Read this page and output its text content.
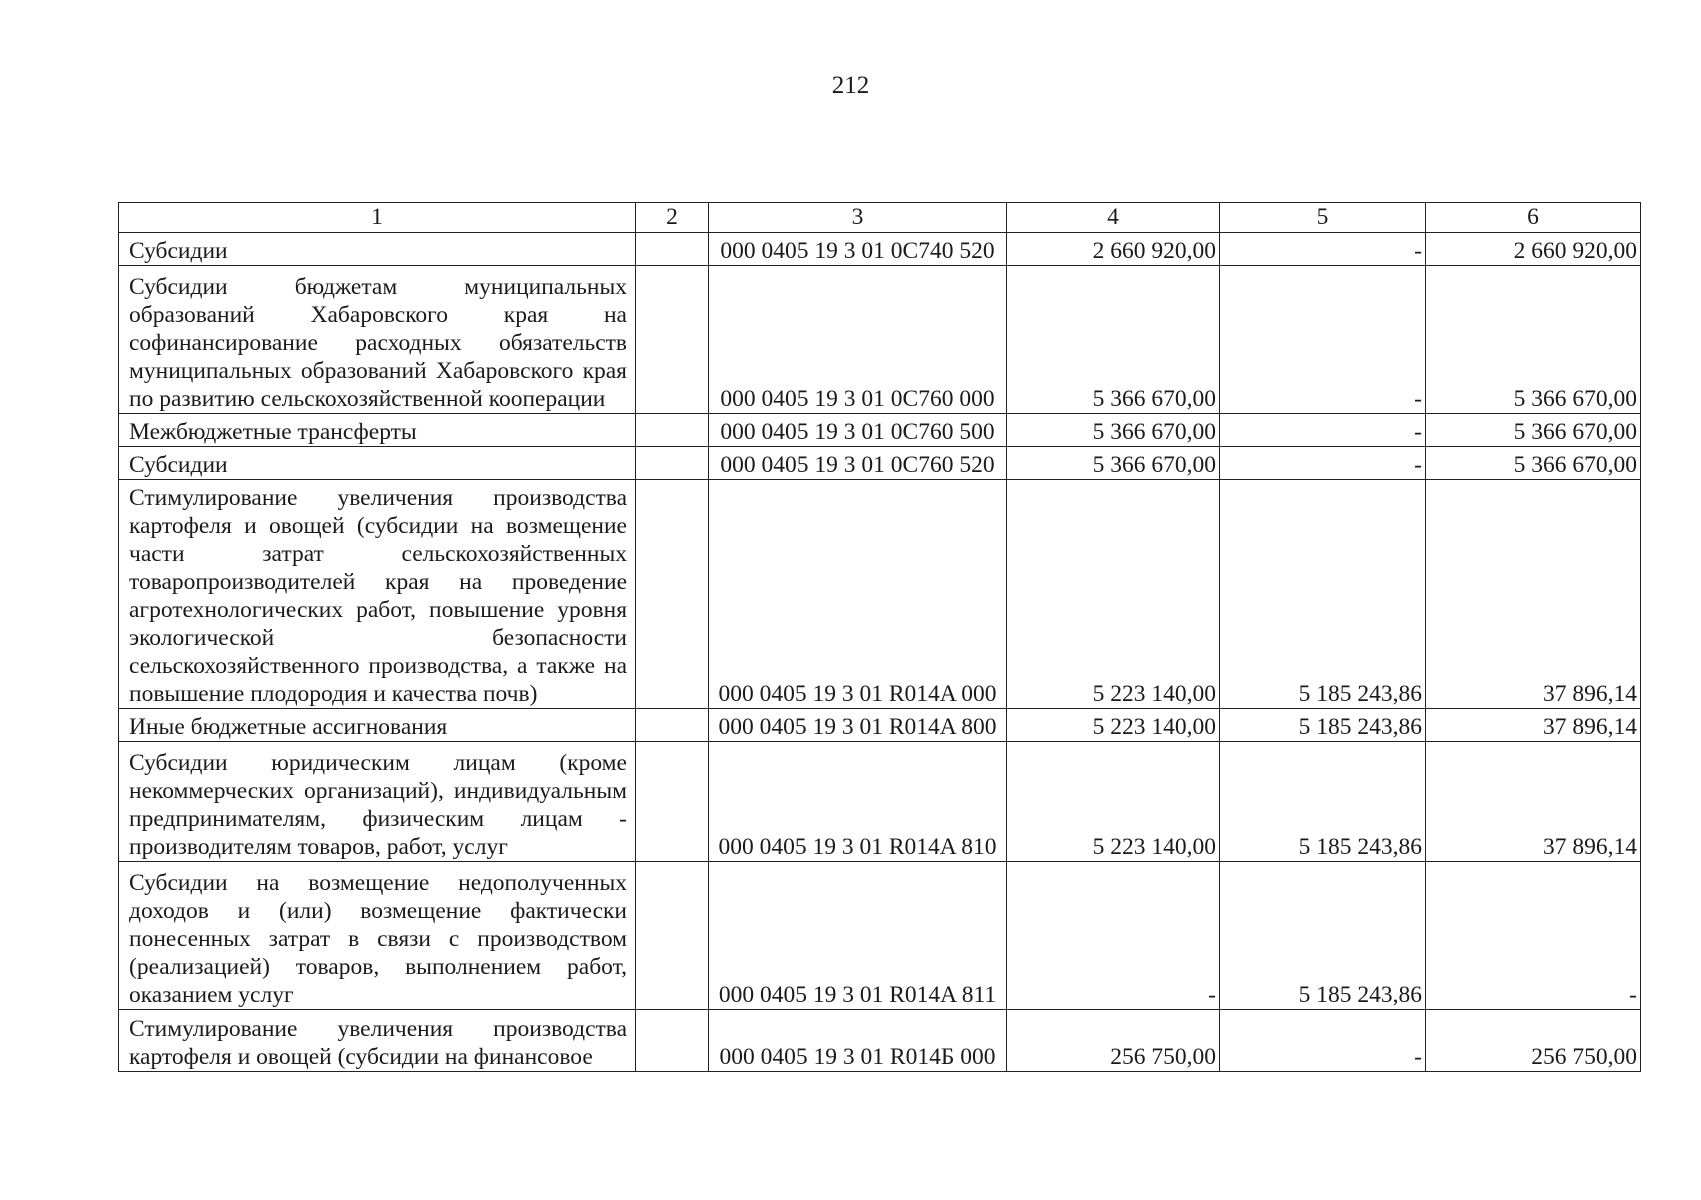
212
1	2	3	4	5	6
Субсидии		000 0405 19 3 01 0C740 520	2 660 920,00	-	2 660 920,00
Субсидии бюджетам муниципальных образований Хабаровского края на софинансирование расходных обязательств муниципальных образований Хабаровского края по развитию сельскохозяйственной кооперации		000 0405 19 3 01 0C760 000	5 366 670,00	-	5 366 670,00
Межбюджетные трансферты		000 0405 19 3 01 0C760 500	5 366 670,00	-	5 366 670,00
Субсидии		000 0405 19 3 01 0C760 520	5 366 670,00	-	5 366 670,00
Стимулирование увеличения производства картофеля и овощей (субсидии на возмещение части затрат сельскохозяйственных товаропроизводителей края на проведение агротехнологических работ, повышение уровня экологической безопасности сельскохозяйственного производства, а также на повышение плодородия и качества почв)		000 0405 19 3 01 R014A 000	5 223 140,00	5 185 243,86	37 896,14
Иные бюджетные ассигнования		000 0405 19 3 01 R014A 800	5 223 140,00	5 185 243,86	37 896,14
Субсидии юридическим лицам (кроме некоммерческих организаций), индивидуальным предпринимателям, физическим лицам - производителям товаров, работ, услуг		000 0405 19 3 01 R014A 810	5 223 140,00	5 185 243,86	37 896,14
Субсидии на возмещение недополученных доходов и (или) возмещение фактически понесенных затрат в связи с производством (реализацией) товаров, выполнением работ, оказанием услуг		000 0405 19 3 01 R014A 811	-	5 185 243,86	-
Стимулирование увеличения производства картофеля и овощей (субсидии на финансовое		000 0405 19 3 01 R014Б 000	256 750,00	-	256 750,00
